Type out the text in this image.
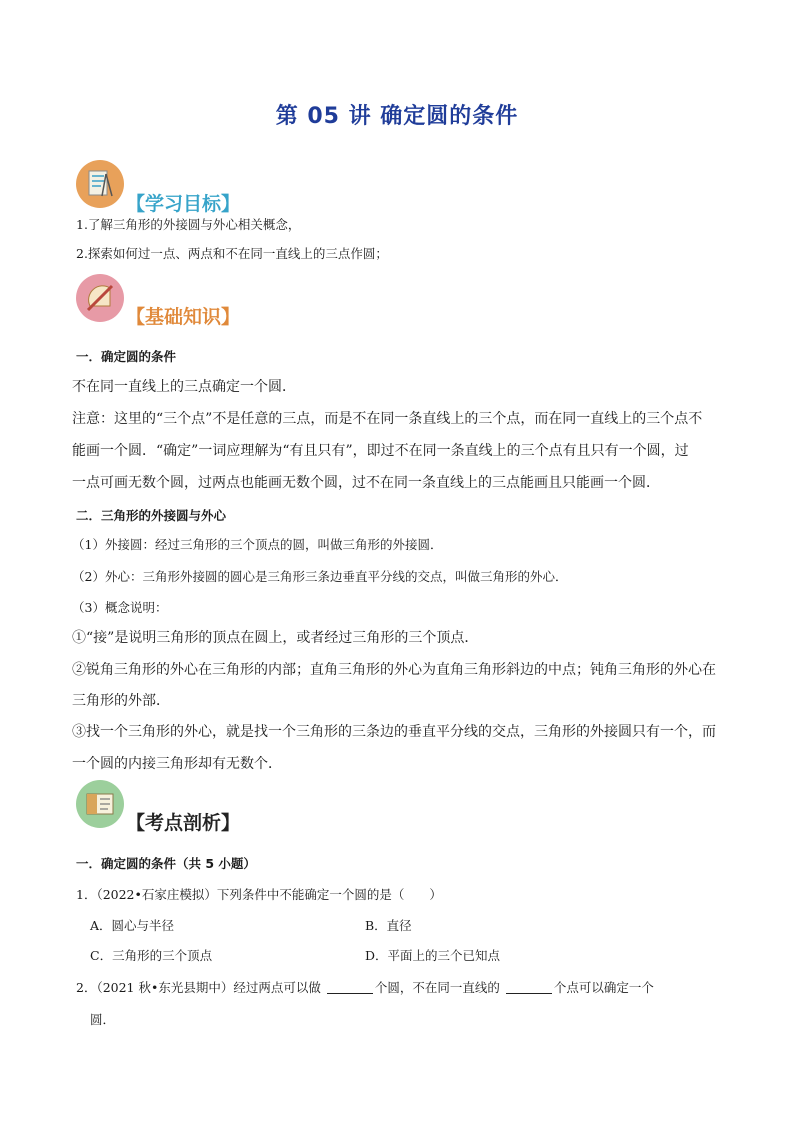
第 05 讲 确定圆的条件
【学习目标】
1.了解三角形的外接圆与外心相关概念，
2.探索如何过一点、两点和不在同一直线上的三点作圆；
【基础知识】
一．确定圆的条件
不在同一直线上的三点确定一个圆．
注意：这里的“三个点”不是任意的三点，而是不在同一条直线上的三个点，而在同一直线上的三个点不
能画一个圆．“确定”一词应理解为“有且只有”，即过不在同一条直线上的三个点有且只有一个圆，过
一点可画无数个圆，过两点也能画无数个圆，过不在同一条直线上的三点能画且只能画一个圆．
二．三角形的外接圆与外心
（1）外接圆：经过三角形的三个顶点的圆，叫做三角形的外接圆．
（2）外心：三角形外接圆的圆心是三角形三条边垂直平分线的交点，叫做三角形的外心．
（3）概念说明：
①“接”是说明三角形的顶点在圆上，或者经过三角形的三个顶点．
②锐角三角形的外心在三角形的内部；直角三角形的外心为直角三角形斜边的中点；钝角三角形的外心在
三角形的外部．
③找一个三角形的外心，就是找一个三角形的三条边的垂直平分线的交点，三角形的外接圆只有一个，而
一个圆的内接三角形却有无数个．
【考点剖析】
一．确定圆的条件（共 5 小题）
1．（2022•石家庄模拟）下列条件中不能确定一个圆的是（　　）
A．圆心与半径	B．直径
C．三角形的三个顶点	D．平面上的三个已知点
2．（2021 秋•东光县期中）经过两点可以做	个圆，不在同一直线的	个点可以确定一个
圆．
